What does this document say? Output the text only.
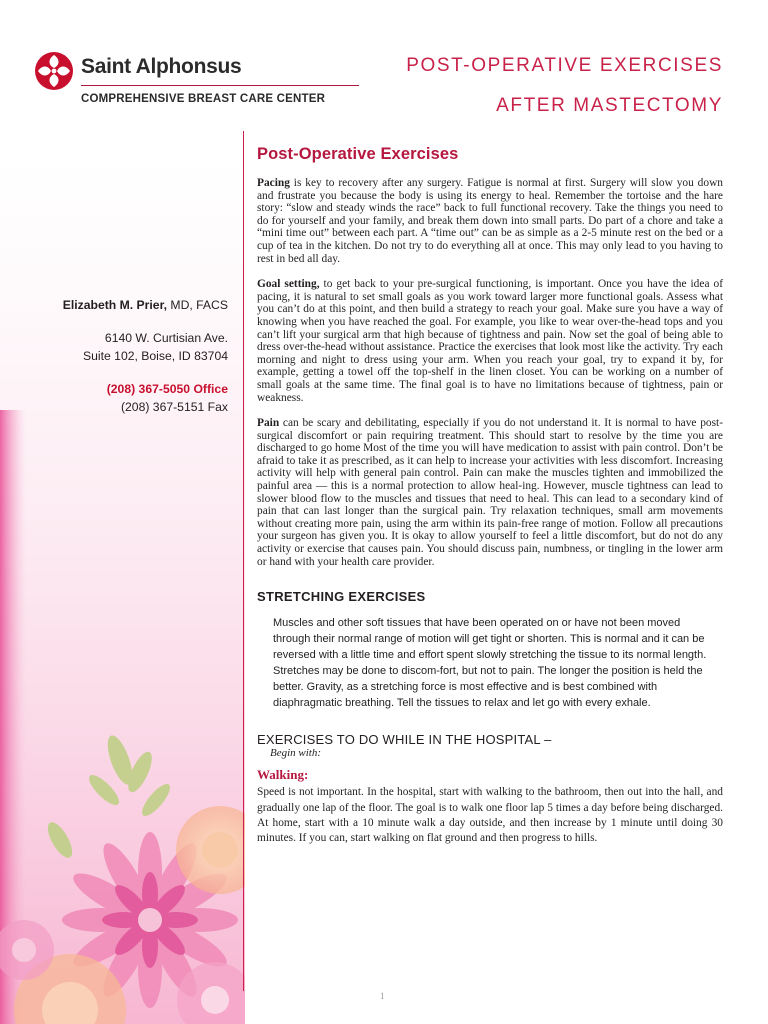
Saint Alphonsus
COMPREHENSIVE BREAST CARE CENTER
POST-OPERATIVE EXERCISES
AFTER MASTECTOMY
Elizabeth M. Prier, MD, FACS
6140 W. Curtisian Ave.
Suite 102, Boise, ID 83704
(208) 367-5050 Office
(208) 367-5151 Fax
Post-Operative Exercises

Pacing is key to recovery after any surgery. Fatigue is normal at first. Surgery will slow you down and frustrate you because the body is using its energy to heal. Remember the tortoise and the hare story: “slow and steady winds the race” back to full functional recovery. Take the things you need to do for yourself and your family, and break them down into small parts. Do part of a chore and take a “mini time out” between each part. A “time out” can be as simple as a 2-5 minute rest on the bed or a cup of tea in the kitchen. Do not try to do everything all at once. This may only lead to you having to rest in bed all day.

Goal setting, to get back to your pre-surgical functioning, is important. Once you have the idea of pacing, it is natural to set small goals as you work toward larger more functional goals. Assess what you can’t do at this point, and then build a strategy to reach your goal. Make sure you have a way of knowing when you have reached the goal. For example, you like to wear over-the-head tops and you can’t lift your surgical arm that high because of tightness and pain. Now set the goal of being able to dress over-the-head without assistance. Practice the exercises that look most like the activity. Try each morning and night to dress using your arm. When you reach your goal, try to expand it by, for example, getting a towel off the top-shelf in the linen closet. You can be working on a number of small goals at the same time. The final goal is to have no limitations because of tightness, pain or weakness.

Pain can be scary and debilitating, especially if you do not understand it. It is normal to have post-surgical discomfort or pain requiring treatment. This should start to resolve by the time you are discharged to go home Most of the time you will have medication to assist with pain control. Don’t be afraid to take it as prescribed, as it can help to increase your activities with less discomfort. Increasing activity will help with general pain control. Pain can make the muscles tighten and immobilized the painful area — this is a normal protection to allow heal-ing. However, muscle tightness can lead to slower blood flow to the muscles and tissues that need to heal. This can lead to a secondary kind of pain that can last longer than the surgical pain. Try relaxation techniques, small arm movements without creating more pain, using the arm within its pain-free range of motion. Follow all precautions your surgeon has given you. It is okay to allow yourself to feel a little discomfort, but do not do any activity or exercise that causes pain. You should discuss pain, numbness, or tingling in the lower arm or hand with your health care provider.

STRETCHING EXERCISES

Muscles and other soft tissues that have been operated on or have not been moved through their normal range of motion will get tight or shorten. This is normal and it can be reversed with a little time and effort spent slowly stretching the tissue to its normal length. Stretches may be done to discom-fort, but not to pain. The longer the position is held the better. Gravity, as a stretching force is most effective and is best combined with diaphragmatic breathing. Tell the tissues to relax and let go with every exhale.

EXERCISES TO DO WHILE IN THE HOSPITAL –
Begin with:
Walking:

Speed is not important. In the hospital, start with walking to the bathroom, then out into the hall, and gradually one lap of the floor. The goal is to walk one floor lap 5 times a day before being discharged. At home, start with a 10 minute walk a day outside, and then increase by 1 minute until doing 30 minutes. If you can, start walking on flat ground and then progress to hills.

1
